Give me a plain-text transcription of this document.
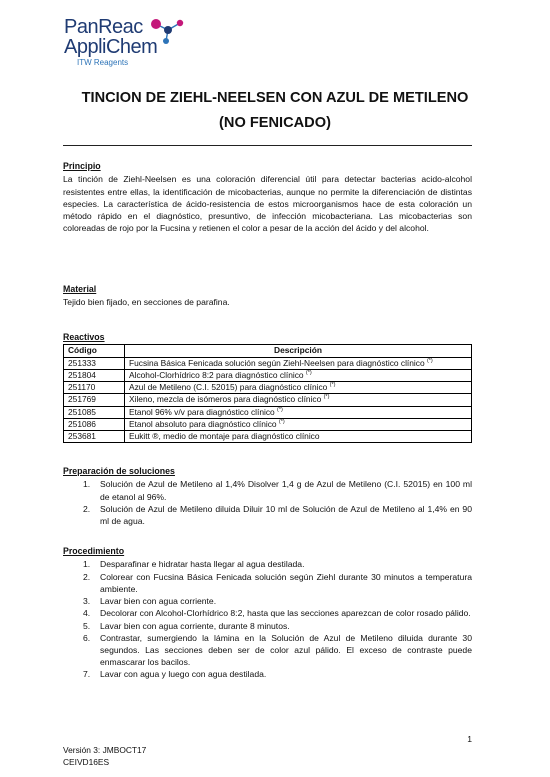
PanReac
AppliChem
ITW Reagents
TINCION DE ZIEHL-NEELSEN CON AZUL DE METILENO
(NO FENICADO)
Principio

La tinción de Ziehl-Neelsen es una coloración diferencial útil para detectar bacterias acido-alcohol resistentes entre ellas, la identificación de micobacterias, aunque no permite la diferenciación de distintas especies. La característica de ácido-resistencia de estos microorganismos hace de esta coloración un método rápido en el diagnóstico, presuntivo, de infección micobacteriana. Las micobacterias son coloreadas de rojo por la Fucsina y retienen el color a pesar de la acción del ácido y del alcohol.

Material

Tejido bien fijado, en secciones de parafina.

Reactivos
Código	Descripción
251333	Fucsina Básica Fenicada solución según Ziehl-Neelsen para diagnóstico clínico (*)
251804	Alcohol-Clorhídrico 8:2 para diagnóstico clínico (*)
251170	Azul de Metileno (C.I. 52015) para diagnóstico clínico (*)
251769	Xileno, mezcla de isómeros para diagnóstico clínico (*)
251085	Etanol 96% v/v para diagnóstico clínico (*)
251086	Etanol absoluto para diagnóstico clínico (*)
253681	Eukitt ®, medio de montaje para diagnóstico clínico
Preparación de soluciones
1. Solución de Azul de Metileno al 1,4% Disolver 1,4 g de Azul de Metileno (C.I. 52015) en 100 ml de etanol al 96%.
2. Solución de Azul de Metileno diluida Diluir 10 ml de Solución de Azul de Metileno al 1,4% en 90 ml de agua.
Procedimiento
1. Desparafinar e hidratar hasta llegar al agua destilada.
2. Colorear con Fucsina Básica Fenicada solución según Ziehl durante 30 minutos a temperatura ambiente.
3. Lavar bien con agua corriente.
4. Decolorar con Alcohol-Clorhídrico 8:2, hasta que las secciones aparezcan de color rosado pálido.
5. Lavar bien con agua corriente, durante 8 minutos.
6. Contrastar, sumergiendo la lámina en la Solución de Azul de Metileno diluida durante 30 segundos. Las secciones deben ser de color azul pálido. El exceso de contraste puede enmascarar los bacilos.
7. Lavar con agua y luego con agua destilada.
1
Versión 3: JMBOCT17
CEIVD16ES
